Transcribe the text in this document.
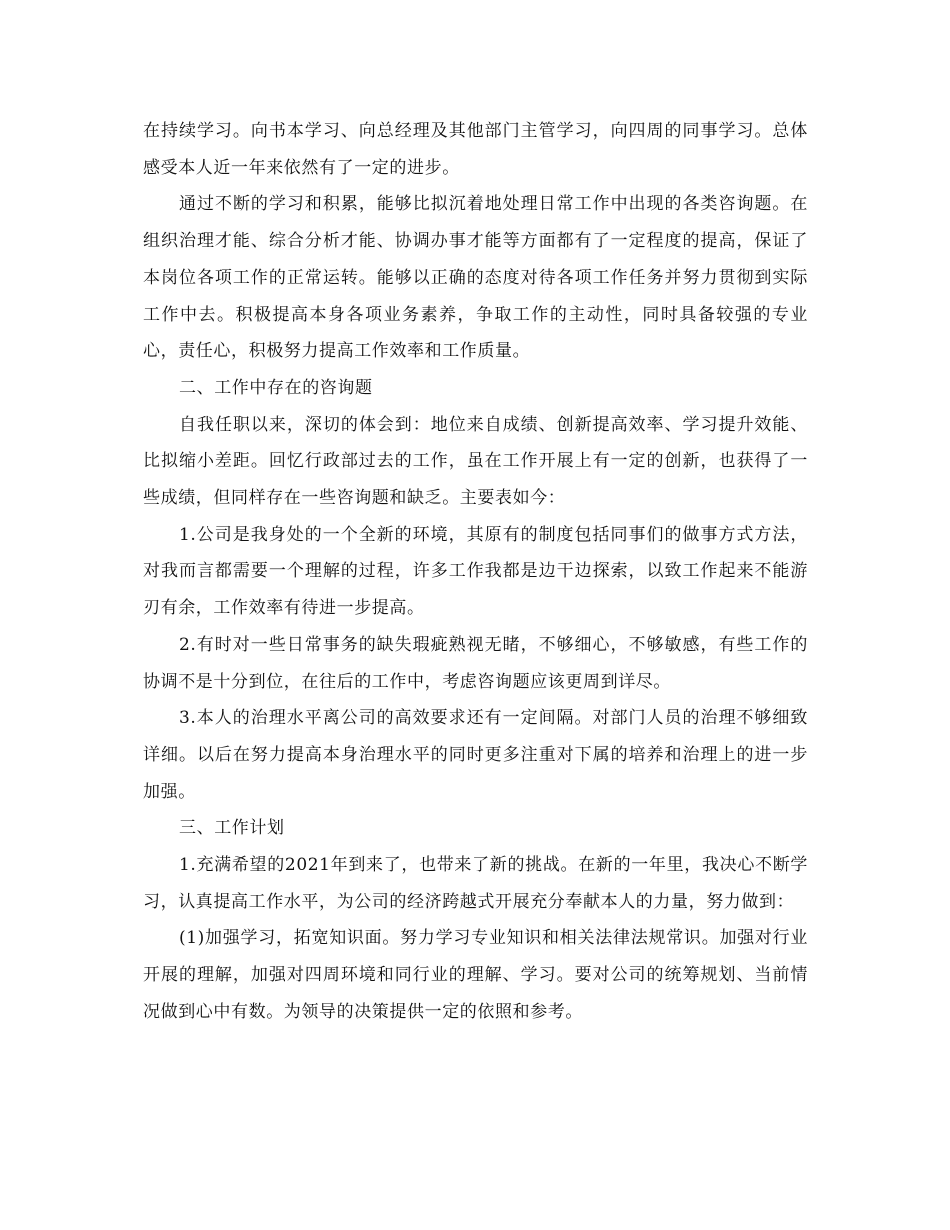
在持续学习。向书本学习、向总经理及其他部门主管学习，向四周的同事学习。总体感受本人近一年来依然有了一定的进步。

通过不断的学习和积累，能够比拟沉着地处理日常工作中出现的各类咨询题。在组织治理才能、综合分析才能、协调办事才能等方面都有了一定程度的提高，保证了本岗位各项工作的正常运转。能够以正确的态度对待各项工作任务并努力贯彻到实际工作中去。积极提高本身各项业务素养，争取工作的主动性，同时具备较强的专业心，责任心，积极努力提高工作效率和工作质量。

二、工作中存在的咨询题

自我任职以来，深切的体会到：地位来自成绩、创新提高效率、学习提升效能、比拟缩小差距。回忆行政部过去的工作，虽在工作开展上有一定的创新，也获得了一些成绩，但同样存在一些咨询题和缺乏。主要表如今：

1.公司是我身处的一个全新的环境，其原有的制度包括同事们的做事方式方法，对我而言都需要一个理解的过程，许多工作我都是边干边探索，以致工作起来不能游刃有余，工作效率有待进一步提高。

2.有时对一些日常事务的缺失瑕疵熟视无睹，不够细心，不够敏感，有些工作的协调不是十分到位，在往后的工作中，考虑咨询题应该更周到详尽。

3.本人的治理水平离公司的高效要求还有一定间隔。对部门人员的治理不够细致详细。以后在努力提高本身治理水平的同时更多注重对下属的培养和治理上的进一步加强。

三、工作计划

1.充满希望的2021年到来了，也带来了新的挑战。在新的一年里，我决心不断学习，认真提高工作水平，为公司的经济跨越式开展充分奉献本人的力量，努力做到：

(1)加强学习，拓宽知识面。努力学习专业知识和相关法律法规常识。加强对行业开展的理解，加强对四周环境和同行业的理解、学习。要对公司的统筹规划、当前情况做到心中有数。为领导的决策提供一定的依照和参考。
